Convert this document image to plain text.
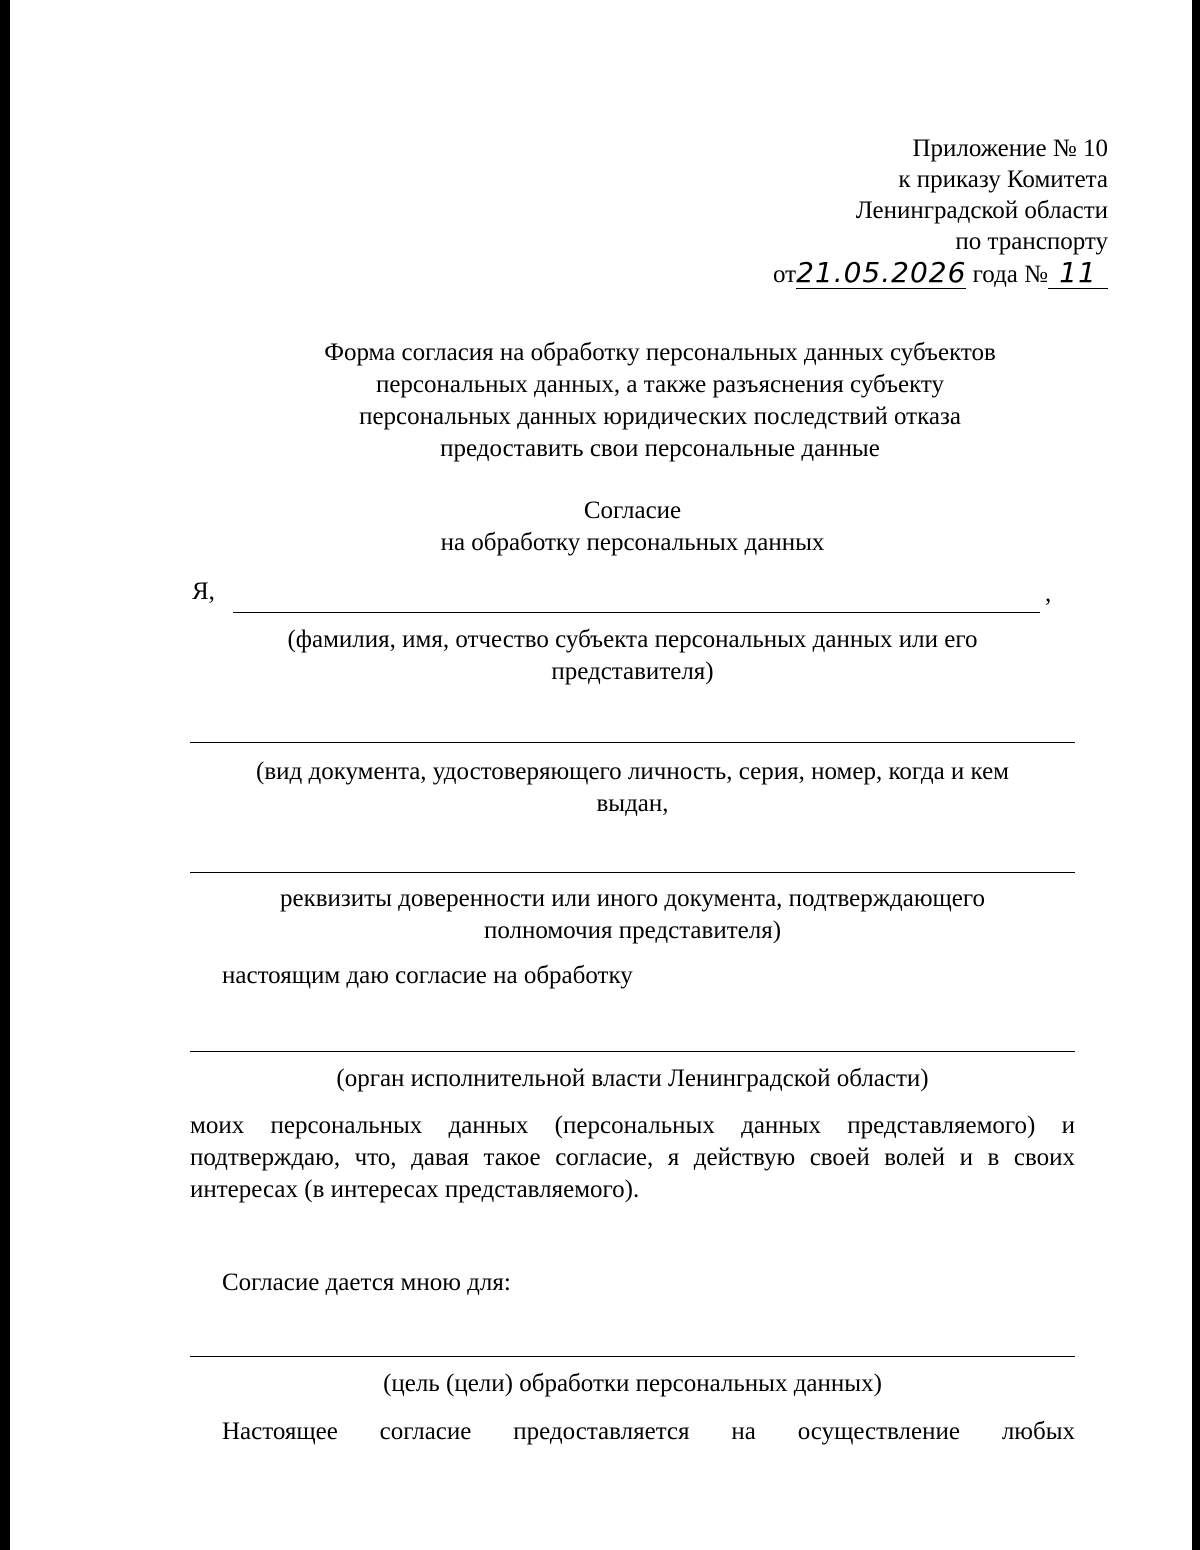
Приложение № 10
к приказу Комитета
Ленинградской области
по транспорту
от21.05.2026 года № 11
Форма согласия на обработку персональных данных субъектов
персональных данных, а также разъяснения субъекту
персональных данных юридических последствий отказа
предоставить свои персональные данные
Согласие
на обработку персональных данных
Я,	,
(фамилия, имя, отчество субъекта персональных данных или его
представителя)
(вид документа, удостоверяющего личность, серия, номер, когда и кем
выдан,
реквизиты доверенности или иного документа, подтверждающего
полномочия представителя)
настоящим даю согласие на обработку
(орган исполнительной власти Ленинградской области)
моих персональных данных (персональных данных представляемого) и подтверждаю, что, давая такое согласие, я действую своей волей и в своих интересах (в интересах представляемого).
Согласие дается мною для:
(цель (цели) обработки персональных данных)
Настоящее согласие предоставляется на осуществление любых
